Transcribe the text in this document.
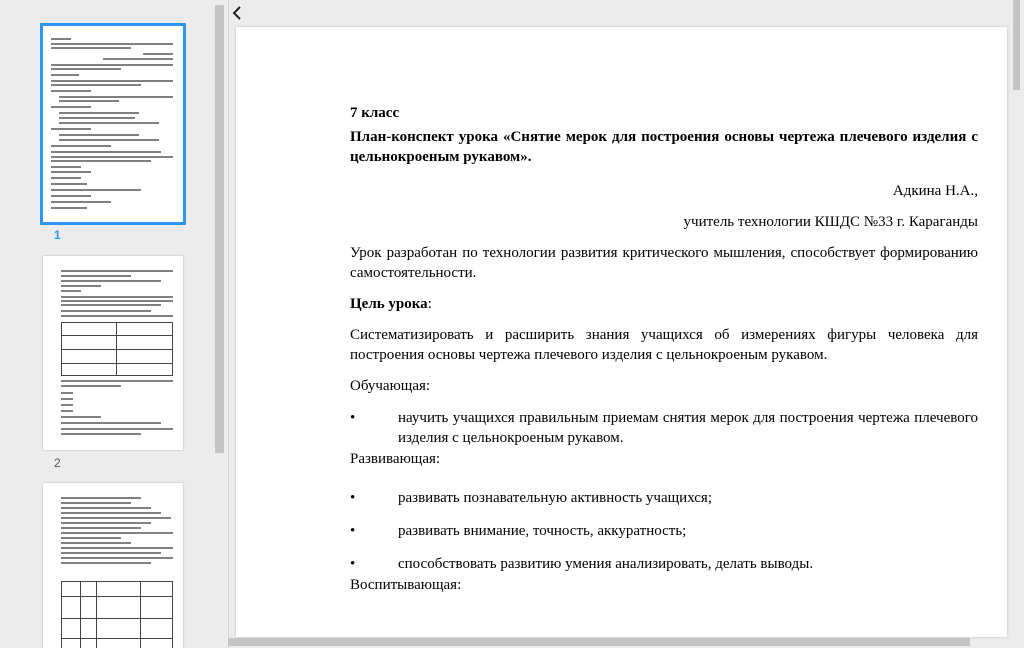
1
2

7 класс

План-конспект урока «Снятие мерок для построения основы чертежа плечевого изделия с цельнокроеным рукавом».

Адкина Н.А.,

учитель технологии КШДС №33 г. Караганды

Урок разработан по технологии развития критического мышления, способствует формированию самостоятельности.

Цель урока:

Систематизировать и расширить знания учащихся об измерениях фигуры человека для построения основы чертежа плечевого изделия с цельнокроеным рукавом.

Обучающая:

•	научить учащихся правильным приемам снятия мерок для построения чертежа плечевого изделия с цельнокроеным рукавом.

Развивающая:

•	развивать познавательную активность учащихся;

•	развивать внимание, точность, аккуратность;

•	способствовать развитию умения анализировать, делать выводы.

Воспитывающая:
